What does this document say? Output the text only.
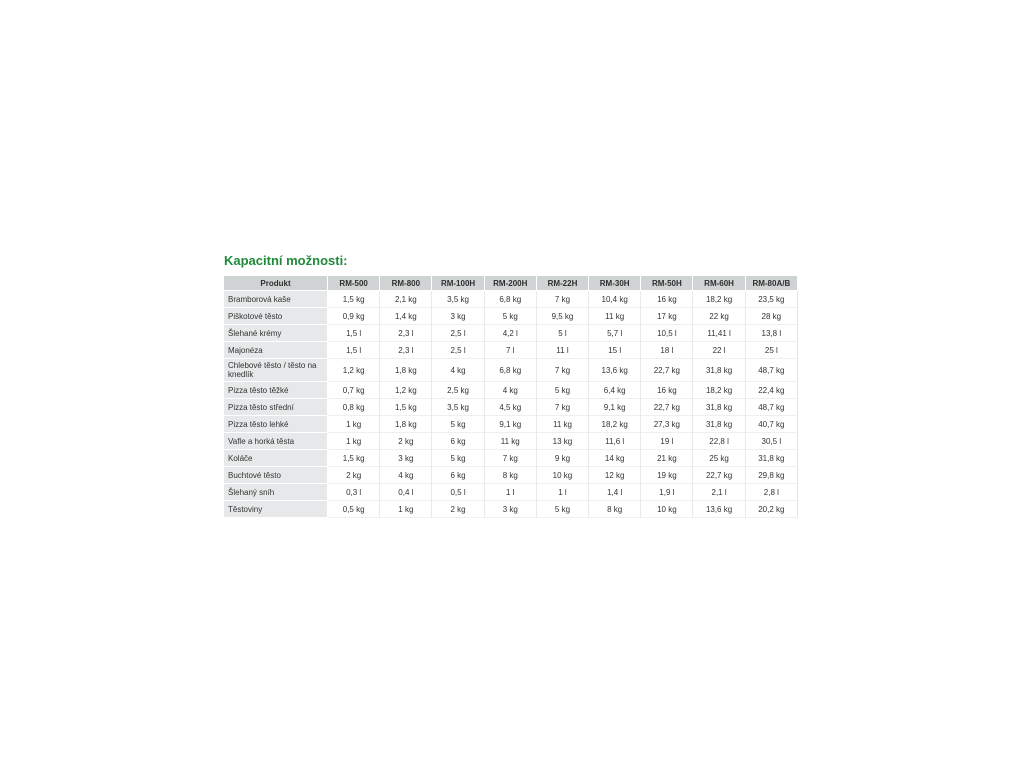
Kapacitní možnosti:
Produkt	RM-500	RM-800	RM-100H	RM-200H	RM-22H	RM-30H	RM-50H	RM-60H	RM-80A/B
Bramborová kaše	1,5 kg	2,1 kg	3,5 kg	6,8 kg	7 kg	10,4 kg	16 kg	18,2 kg	23,5 kg
Piškotové těsto	0,9 kg	1,4 kg	3 kg	5 kg	9,5 kg	11 kg	17 kg	22 kg	28 kg
Šlehané krémy	1,5 l	2,3 l	2,5 l	4,2 l	5 l	5,7 l	10,5 l	11,41 l	13,8 l
Majonéza	1,5 l	2,3 l	2,5 l	7 l	11 l	15 l	18 l	22 l	25 l
Chlebové těsto / těsto na knedlík	1,2 kg	1,8 kg	4 kg	6,8 kg	7 kg	13,6 kg	22,7 kg	31,8 kg	48,7 kg
Pizza těsto těžké	0,7 kg	1,2 kg	2,5 kg	4 kg	5 kg	6,4 kg	16 kg	18,2 kg	22,4 kg
Pizza těsto střední	0,8 kg	1,5 kg	3,5 kg	4,5 kg	7 kg	9,1 kg	22,7 kg	31,8 kg	48,7 kg
Pizza těsto lehké	1 kg	1,8 kg	5 kg	9,1 kg	11 kg	18,2 kg	27,3 kg	31,8 kg	40,7 kg
Vafle a horká těsta	1 kg	2 kg	6 kg	11 kg	13 kg	11,6 l	19 l	22,8 l	30,5 l
Koláče	1,5 kg	3 kg	5 kg	7 kg	9 kg	14 kg	21 kg	25 kg	31,8 kg
Buchtové těsto	2 kg	4 kg	6 kg	8 kg	10 kg	12 kg	19 kg	22,7 kg	29,8 kg
Šlehaný sníh	0,3 l	0,4 l	0,5 l	1 l	1 l	1,4 l	1,9 l	2,1 l	2,8 l
Těstoviny	0,5 kg	1 kg	2 kg	3 kg	5 kg	8 kg	10 kg	13,6 kg	20,2 kg
